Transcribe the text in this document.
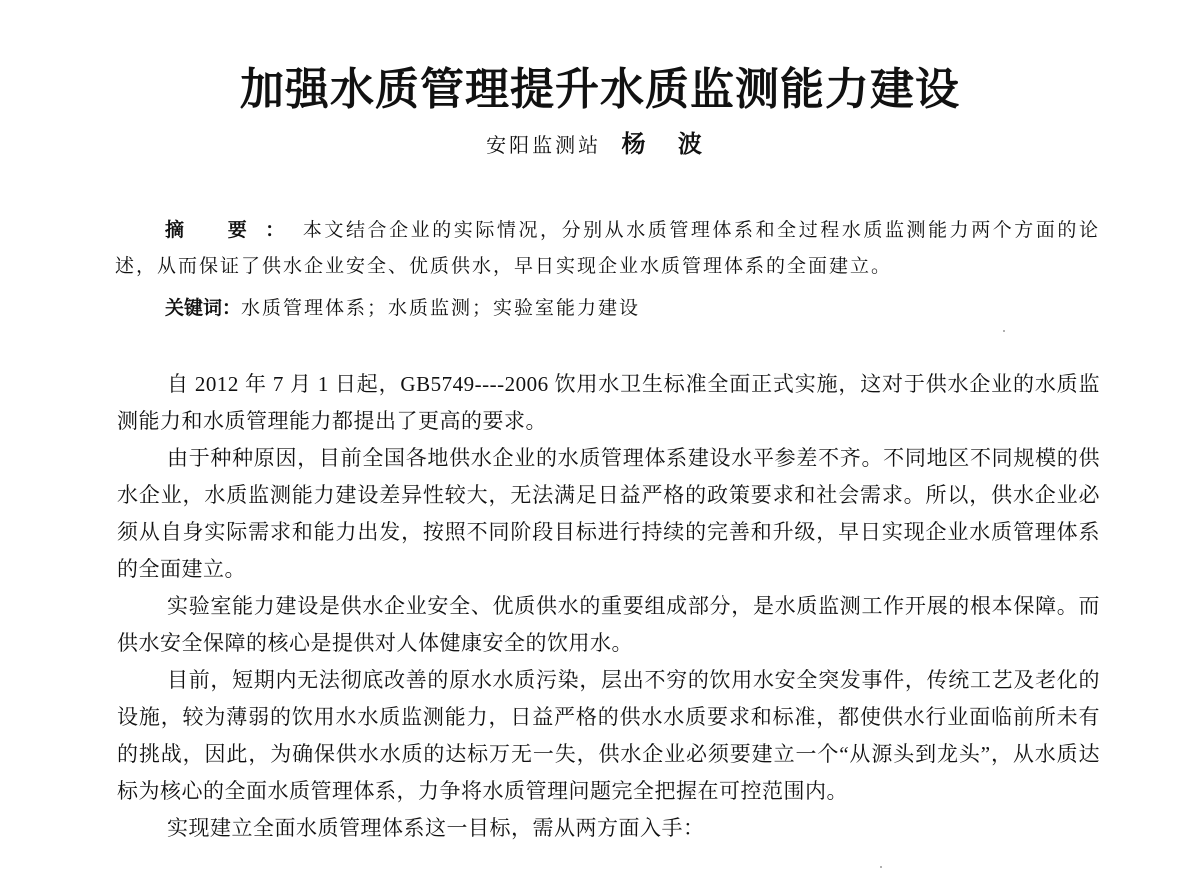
加强水质管理提升水质监测能力建设
安阳监测站 杨 波

摘 要：本文结合企业的实际情况，分别从水质管理体系和全过程水质监测能力两个方面的论述，从而保证了供水企业安全、优质供水，早日实现企业水质管理体系的全面建立。

关键词：水质管理体系；水质监测；实验室能力建设

自 2012 年 7 月 1 日起，GB5749----2006 饮用水卫生标准全面正式实施，这对于供水企业的水质监测能力和水质管理能力都提出了更高的要求。

由于种种原因，目前全国各地供水企业的水质管理体系建设水平参差不齐。不同地区不同规模的供水企业，水质监测能力建设差异性较大，无法满足日益严格的政策要求和社会需求。所以，供水企业必须从自身实际需求和能力出发，按照不同阶段目标进行持续的完善和升级，早日实现企业水质管理体系的全面建立。

实验室能力建设是供水企业安全、优质供水的重要组成部分，是水质监测工作开展的根本保障。而供水安全保障的核心是提供对人体健康安全的饮用水。

目前，短期内无法彻底改善的原水水质污染，层出不穷的饮用水安全突发事件，传统工艺及老化的设施，较为薄弱的饮用水水质监测能力，日益严格的供水水质要求和标准，都使供水行业面临前所未有的挑战，因此，为确保供水水质的达标万无一失，供水企业必须要建立一个“从源头到龙头”，从水质达标为核心的全面水质管理体系，力争将水质管理问题完全把握在可控范围内。

实现建立全面水质管理体系这一目标，需从两方面入手：
